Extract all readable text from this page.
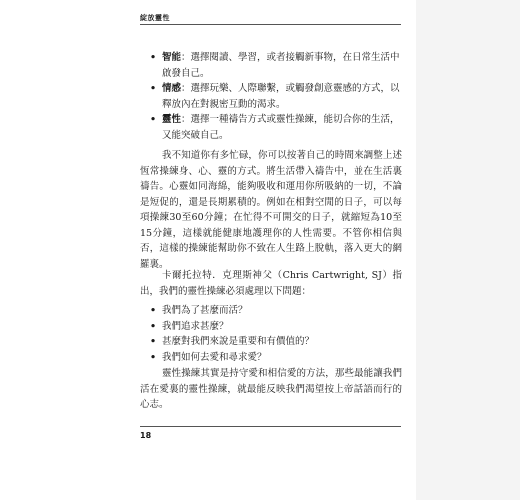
綻放靈性
• 智能：選擇閱讀、學習，或者接觸新事物，在日常生活中啟發自己。
• 情感：選擇玩樂、人際聯繫，或觸發創意靈感的方式，以釋放內在對親密互動的渴求。
• 靈性：選擇一種禱告方式或靈性操練，能切合你的生活，又能突破自己。

我不知道你有多忙碌，你可以按著自己的時間來調整上述恆常操練身、心、靈的方式。將生活帶入禱告中，並在生活裏禱告。心靈如同海綿，能夠吸收和運用你所吸納的一切，不論是短促的，還是長期累積的。例如在相對空閒的日子，可以每項操練30至60分鐘；在忙得不可開交的日子，就縮短為10至15分鐘，這樣就能健康地護理你的人性需要。不管你相信與否，這樣的操練能幫助你不致在人生路上脫軌，落入更大的網羅裏。

卡爾托拉特．克理斯神父（Chris Cartwright, SJ）指出，我們的靈性操練必須處理以下問題：

• 我們為了甚麼而活？
• 我們追求甚麼？
• 甚麼對我們來說是重要和有價值的？
• 我們如何去愛和尋求愛？

靈性操練其實是持守愛和相信愛的方法，那些最能讓我們活在愛裏的靈性操練，就最能反映我們渴望按上帝話語而行的心志。

18
